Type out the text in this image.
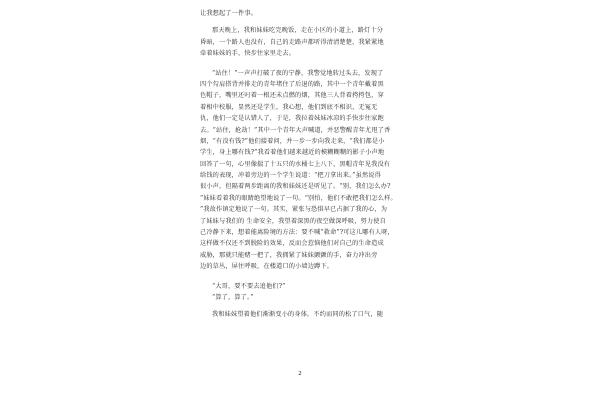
让我想起了一件事。

那天晚上，我和妹妹吃完晚饭，走在小区的小道上，路灯十分
昏暗，一个路人也没有，自己的走路声都听得清清楚楚，我紧紧地
牵着妹妹的手，快步往家里走去。

“站住！”一声声打破了夜的宁静，我警觉地转过头去，发现了
四个勾肩搭背并排走的青年堵住了后退的路，其中一个青年戴着黑
色帽子，嘴里还叼着一根还未点燃的烟，其他三人背着挎挎包，穿
着相中校服，显然还是学生，我心想，他们到底不相识，无冤无
仇，他们一定是认错人了，于是，我拉着妹妹冰凉的手快步往家跑
去。“站住，抢劫！”其中一个青年大声喊道，并恶警醒青年尤甩了香
烟，“有没有钱?”他们接着问，并一步一步向我走来，“我们都是小
学生，身上哪有钱?”我看着他们越来越近的模糊糊糊的影子小声地
回答了一句，心里像揣了十五只的水桶七上八下，黑帽青年见我没有
给钱的表现，冲着旁边的一个学生说道：“把刀拿出来。”虽然说得
很小声，但隔着两步距离的我和妹妹还是听见了。“别，我们怎么办?
”妹妹看着我的眼睛绝望地说了一句。“别怕，他们不敢把我们怎么样。
”我故作镇定地说了一句。其实，紧张与恐惧早已占据了我的心，为
了妹妹与我们的 生命安全，我望着深黑的夜空做深呼吸，努力使自
己冷静下来，想着能离险境的方法：要不喊“救命”?可这儿哪有人呀，
这样做不仅还不到脱险的效果，反而会惹恼他们对自己的生命造成
威胁，那就只能赌一把了，我拥紧了妹妹颤颤的手，奋力冲出旁
边的草丛，屏住呼吸，在楼道口的小墙边蹲下。

“大哥，要不要去追他们?”

“算了，算了。”

我和妹妹望着他们渐渐变小的身体，不约而同的松了口气，随

2
